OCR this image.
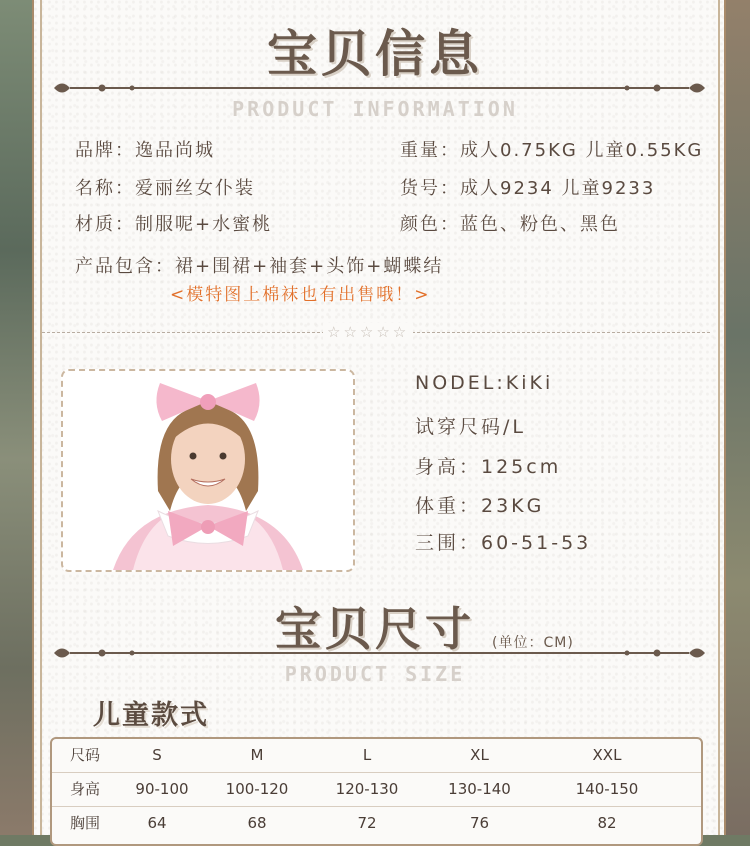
宝贝信息
PRODUCT INFORMATION
品牌：逸品尚城
名称：爱丽丝女仆装
材质：制服呢+水蜜桃
重量：成人0.75KG 儿童0.55KG
货号：成人9234 儿童9233
颜色：蓝色、粉色、黑色
产品包含：裙+围裙+袖套+头饰+蝴蝶结
<模特图上棉袜也有出售哦！>
☆☆☆☆☆
NODEL:KiKi
试穿尺码/L
身高：125cm
体重：23KG
三围：60-51-53
宝贝尺寸	(单位：CM)
PRODUCT SIZE
儿童款式
尺码	S	M	L	XL	XXL
身高	90-100	100-120	120-130	130-140	140-150
胸围	64	68	72	76	82
